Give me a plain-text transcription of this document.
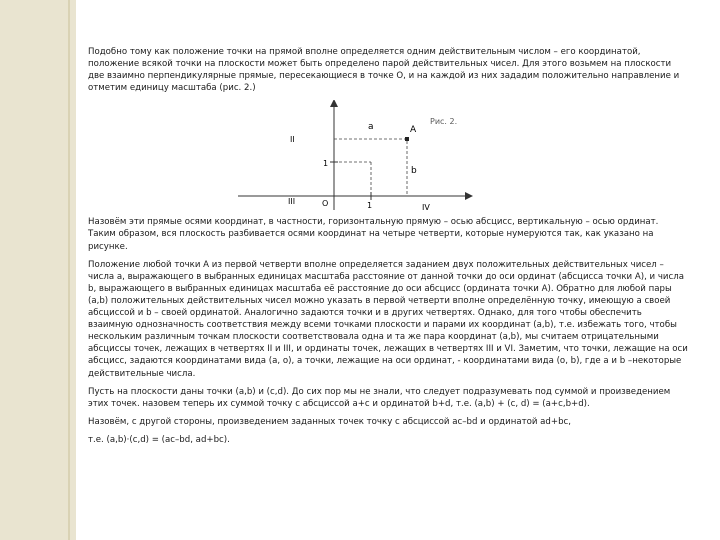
Подобно тому как положение точки на прямой вполне определяется одним действительным числом – его координатой, положение всякой точки на плоскости может быть определено парой действительных чисел. Для этого возьмем на плоскости две взаимно перпендикулярные прямые, пересекающиеся в точке О, и на каждой из них зададим положительно направление и отметим единицу масштаба (рис. 2.)

a	A
Рис. 2.
b
1
1
O
II
III
IV

Назовём эти прямые осями координат, в частности, горизонтальную прямую – осью абсцисс, вертикальную – осью ординат. Таким образом, вся плоскость разбивается осями координат на четыре четверти, которые нумеруются так, как указано на рисунке.

Положение любой точки А из первой четверти вполне определяется заданием двух положительных действительных чисел – числа a, выражающего в выбранных единицах масштаба расстояние от данной точки до оси ординат (абсцисса точки А), и числа b, выражающего в выбранных единицах масштаба её расстояние до оси абсцисс (ордината точки А). Обратно для любой пары (a,b) положительных действительных чисел можно указать в первой четверти вполне определённую точку, имеющую а своей абсциссой и b – своей ординатой. Аналогично задаются точки и в других четвертях. Однако, для того чтобы обеспечить взаимную однозначность соответствия между всеми точками плоскости и парами их координат (a,b), т.е. избежать того, чтобы нескольким различным точкам плоскости соответствовала одна и та же пара координат (a,b), мы считаем отрицательными абсциссы точек, лежащих в четвертях II и III, и ординаты точек, лежащих в четвертях III и VI. Заметим, что точки, лежащие на оси абсцисс, задаются координатами вида (a, o), а точки, лежащие на оси ординат, - координатами вида (o, b), где a и b –некоторые действительные числа.

Пусть на плоскости даны точки (a,b) и (c,d). До сих пор мы не знали, что следует подразумевать под суммой и произведением этих точек. назовем теперь их суммой точку с абсциссой a+c и ординатой b+d, т.е. (a,b) + (c, d) = (a+c,b+d).

Назовём, с другой стороны, произведением заданных точек точку с абсциссой ac–bd и ординатой ad+bc,

т.е. (a,b)·(c,d) = (ac–bd, ad+bc).
